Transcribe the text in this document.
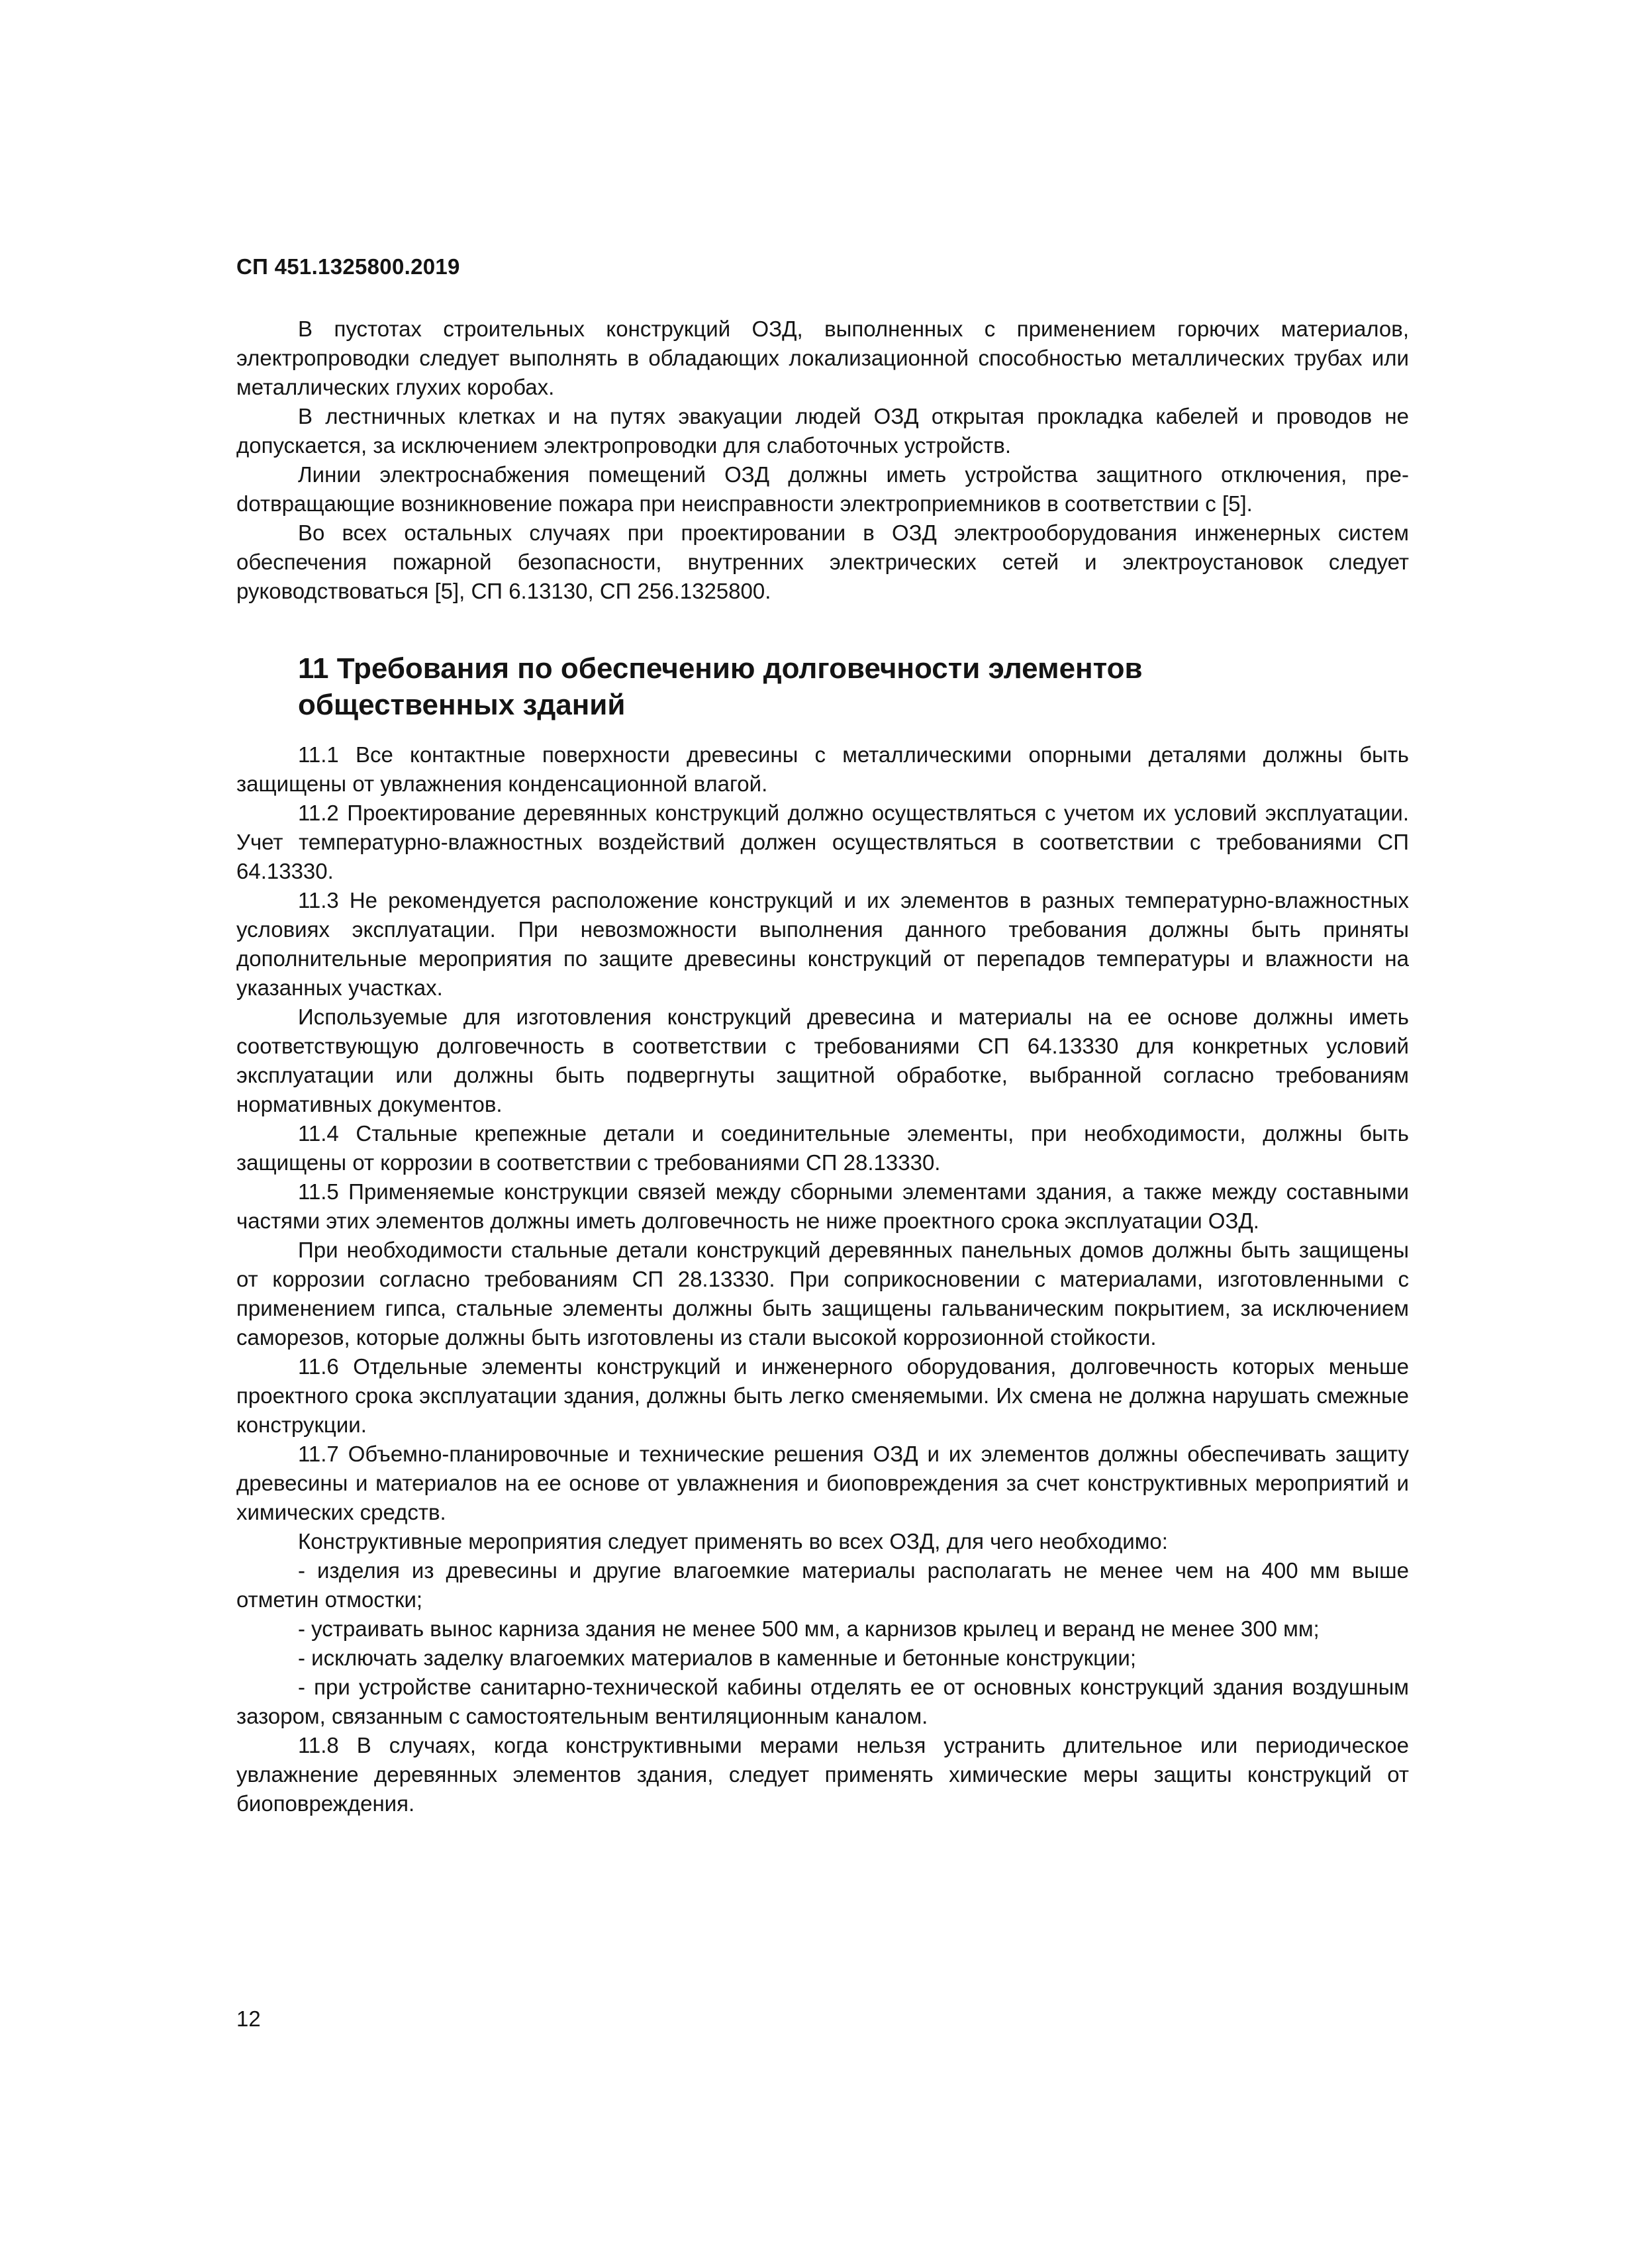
СП 451.1325800.2019

В пустотах строительных конструкций ОЗД, выполненных с применением горючих материалов, электропроводки следует выполнять в обладающих локализационной способностью металлических трубах или металлических глухих коробах.

В лестничных клетках и на путях эвакуации людей ОЗД открытая прокладка кабелей и проводов не допускается, за исключением электропроводки для слаботочных устройств.

Линии электроснабжения помещений ОЗД должны иметь устройства защитного отключения, преdотвращающие возникновение пожара при неисправности электроприемников в соответствии с [5].

Во всех остальных случаях при проектировании в ОЗД электрооборудования инженерных систем обеспечения пожарной безопасности, внутренних электрических сетей и электроустановок следует руководствоваться [5], СП 6.13130, СП 256.1325800.

11 Требования по обеспечению долговечности элементов
общественных зданий

11.1 Все контактные поверхности древесины с металлическими опорными деталями должны быть защищены от увлажнения конденсационной влагой.

11.2 Проектирование деревянных конструкций должно осуществляться с учетом их условий эксплуатации. Учет температурно-влажностных воздействий должен осуществляться в соответствии с требованиями СП 64.13330.

11.3 Не рекомендуется расположение конструкций и их элементов в разных температурно-влажностных условиях эксплуатации. При невозможности выполнения данного требования должны быть приняты дополнительные мероприятия по защите древесины конструкций от перепадов температуры и влажности на указанных участках.

Используемые для изготовления конструкций древесина и материалы на ее основе должны иметь соответствующую долговечность в соответствии с требованиями СП 64.13330 для конкретных условий эксплуатации или должны быть подвергнуты защитной обработке, выбранной согласно требованиям нормативных документов.

11.4 Стальные крепежные детали и соединительные элементы, при необходимости, должны быть защищены от коррозии в соответствии с требованиями СП 28.13330.

11.5 Применяемые конструкции связей между сборными элементами здания, а также между составными частями этих элементов должны иметь долговечность не ниже проектного срока эксплуатации ОЗД.

При необходимости стальные детали конструкций деревянных панельных домов должны быть защищены от коррозии согласно требованиям СП 28.13330. При соприкосновении с материалами, изготовленными с применением гипса, стальные элементы должны быть защищены гальваническим покрытием, за исключением саморезов, которые должны быть изготовлены из стали высокой коррозионной стойкости.

11.6 Отдельные элементы конструкций и инженерного оборудования, долговечность которых меньше проектного срока эксплуатации здания, должны быть легко сменяемыми. Их смена не должна нарушать смежные конструкции.

11.7 Объемно-планировочные и технические решения ОЗД и их элементов должны обеспечивать защиту древесины и материалов на ее основе от увлажнения и биоповреждения за счет конструктивных мероприятий и химических средств.

Конструктивные мероприятия следует применять во всех ОЗД, для чего необходимо:

- изделия из древесины и другие влагоемкие материалы располагать не менее чем на 400 мм выше отметин отмостки;

- устраивать вынос карниза здания не менее 500 мм, а карнизов крылец и веранд не менее 300 мм;

- исключать заделку влагоемких материалов в каменные и бетонные конструкции;

- при устройстве санитарно-технической кабины отделять ее от основных конструкций здания воздушным зазором, связанным с самостоятельным вентиляционным каналом.

11.8 В случаях, когда конструктивными мерами нельзя устранить длительное или периодическое увлажнение деревянных элементов здания, следует применять химические меры защиты конструкций от биоповреждения.

12
